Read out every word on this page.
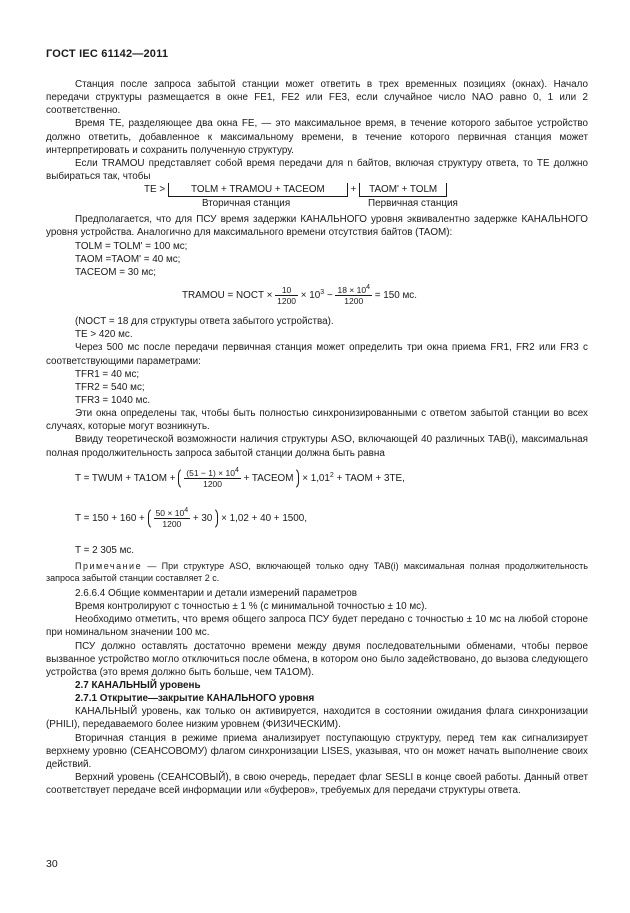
ГОСТ IEC 61142—2011

Станция после запроса забытой станции может ответить в трех временных позициях (окнах). Начало передачи структуры размещается в окне FE1, FE2 или FE3, если случайное число NAO равно 0, 1 или 2 соответственно.

Время TE, разделяющее два окна FE, — это максимальное время, в течение которого забытое устройство должно ответить, добавленное к максимальному времени, в течение которого первичная станция может интерпретировать и сохранить полученную структуру.

Если TRAMOU представляет собой время передачи для n байтов, включая структуру ответа, то TE должно выбираться так, чтобы

TE >	TOLM + TRAMOU + TACEOM	+ TAOM' + TOLM
Вторичная станция	Первичная станция

Предполагается, что для ПСУ время задержки КАНАЛЬНОГО уровня эквивалентно задержке КАНАЛЬНОГО уровня устройства. Аналогично для максимального времени отсутствия байтов (TAOM):

TOLM = TOLM' = 100 мс;

TAOM =TAOM' = 40 мс;

TACEOM = 30 мс;

TRAMOU = NOCT × $\frac{10}{1200} \times 10^3 - \frac{18 \times 10^4}{1200} = 150$ мс.

(NOCT = 18 для структуры ответа забытого устройства).

TE > 420 мс.

Через 500 мс после передачи первичная станция может определить три окна приема FR1, FR2 или FR3 с соответствующими параметрами:

TFR1 = 40 мс;

TFR2 = 540 мс;

TFR3 = 1040 мс.

Эти окна определены так, чтобы быть полностью синхронизированными с ответом забытой станции во всех случаях, которые могут возникнуть.

Ввиду теоретической возможности наличия структуры ASO, включающей 40 различных TAB(i), максимальная полная продолжительность запроса забытой станции должна быть равна

T = TWUM + $TA1OM + \frac{(51 - 1) \times 10^4}{1200}$ + TACEOM × $1,01^2$ + TAOM + 3TE,
$T = 150 + 160 + \frac{50 \times 10^4}{1200} + 30 \times 1,02 + 40 + 1500$,

T = 2 305 мс.

Примечание — При структуре ASO, включающей только одну TAB(i) максимальная полная продолжительность запроса забытой станции составляет 2 с.

2.6.6.4 Общие комментарии и детали измерений параметров

Время контролируют с точностью ± 1 % (с минимальной точностью ± 10 мс).

Необходимо отметить, что время общего запроса ПСУ будет передано с точностью ± 10 мс на любой стороне при номинальном значении 100 мс.

ПСУ должно оставлять достаточно времени между двумя последовательными обменами, чтобы первое вызванное устройство могло отключиться после обмена, в котором оно было задействовано, до вызова следующего устройства (это время должно быть больше, чем TA1OM).

2.7 КАНАЛЬНЫЙ уровень

2.7.1 Открытие—закрытие КАНАЛЬНОГО уровня

КАНАЛЬНЫЙ уровень, как только он активируется, находится в состоянии ожидания флага синхронизации (PHILI), передаваемого более низким уровнем (ФИЗИЧЕСКИМ).

Вторичная станция в режиме приема анализирует поступающую структуру, перед тем как сигнализирует верхнему уровню (СЕАНСОВОМУ) флагом синхронизации LISES, указывая, что он может начать выполнение своих действий.

Верхний уровень (СЕАНСОВЫЙ), в свою очередь, передает флаг SESLI в конце своей работы. Данный ответ соответствует передаче всей информации или «буферов», требуемых для передачи структуры ответа.

30
